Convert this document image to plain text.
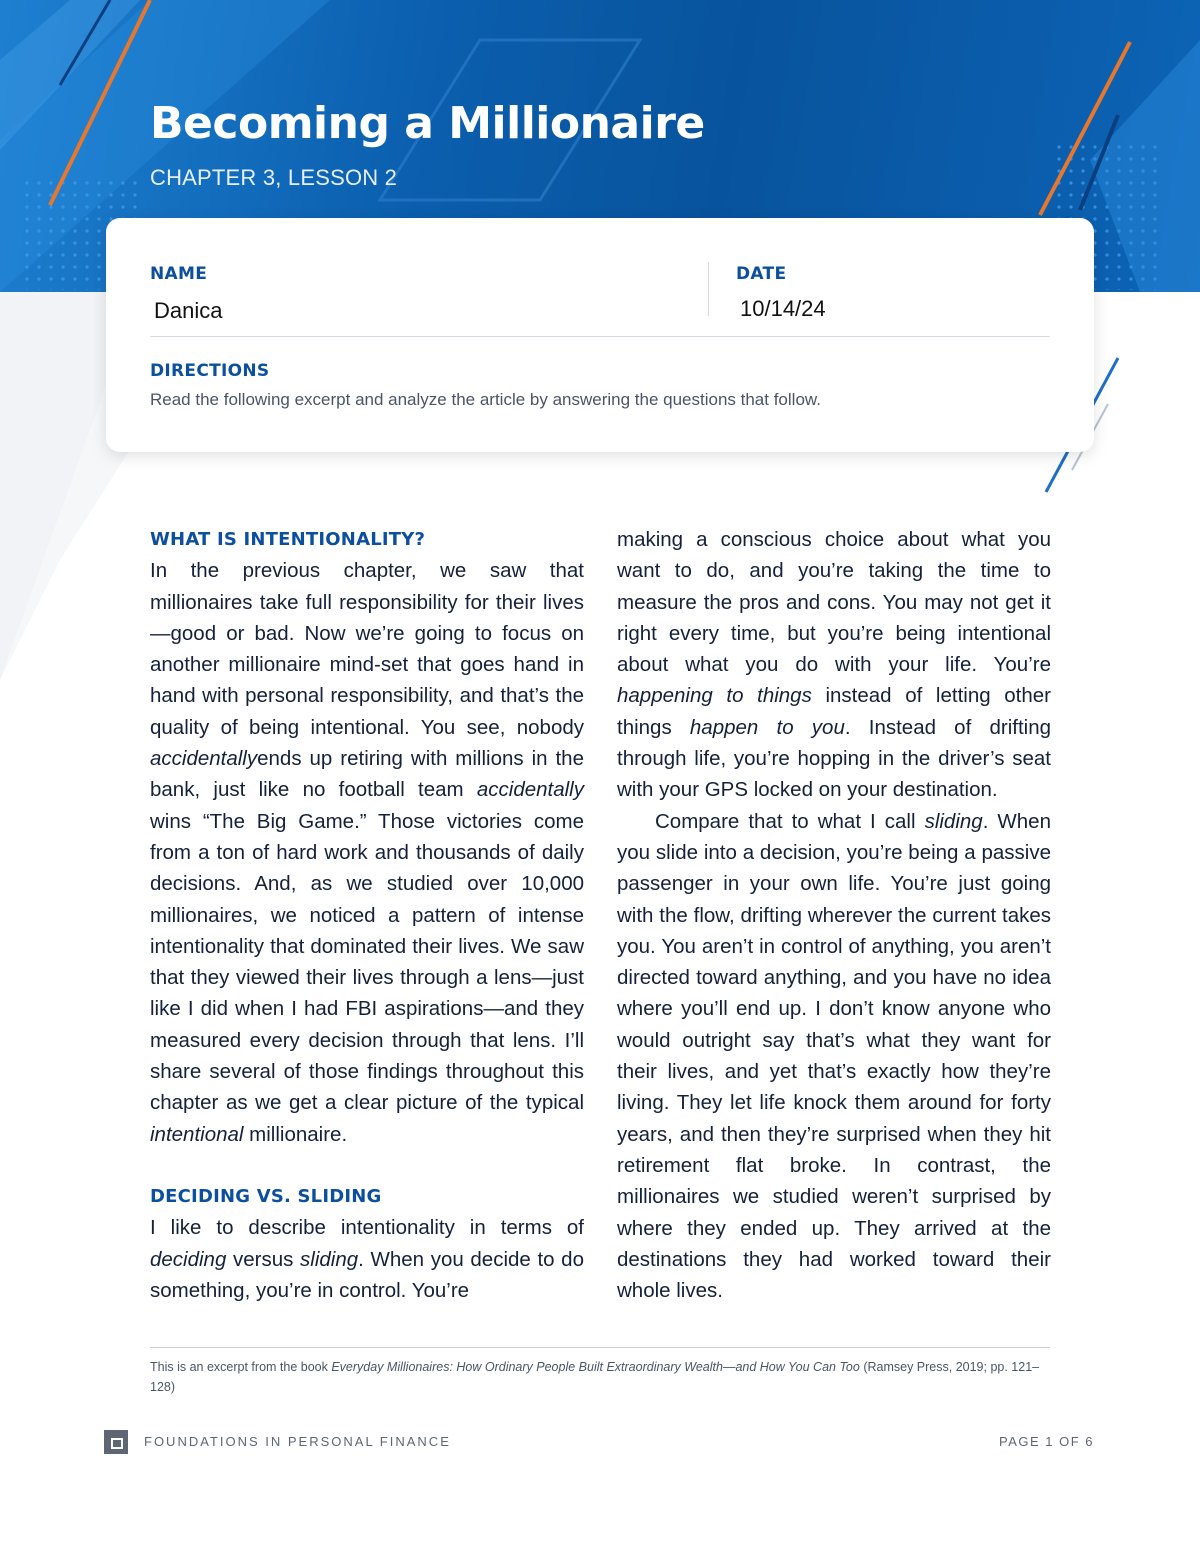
Becoming a Millionaire
CHAPTER 3, LESSON 2
NAME
Danica
DATE
10/14/24
DIRECTIONS
Read the following excerpt and analyze the article by answering the questions that follow.

WHAT IS INTENTIONALITY?

In the previous chapter, we saw that millionaires take full responsibility for their lives—good or bad. Now we’re going to focus on another millionaire mind-set that goes hand in hand with personal responsibility, and that’s the quality of being intentional. You see, nobody accidentallyends up retiring with millions in the bank, just like no football team accidentally wins “The Big Game.” Those victories come from a ton of hard work and thousands of daily decisions. And, as we studied over 10,000 millionaires, we noticed a pattern of intense intentionality that dominated their lives. We saw that they viewed their lives through a lens—just like I did when I had FBI aspirations—and they measured every decision through that lens. I’ll share several of those findings throughout this chapter as we get a clear picture of the typical intentional millionaire.

DECIDING VS. SLIDING

I like to describe intentionality in terms of deciding versus sliding. When you decide to do something, you’re in control. You’re

making a conscious choice about what you want to do, and you’re taking the time to measure the pros and cons. You may not get it right every time, but you’re being intentional about what you do with your life. You’re happening to things instead of letting other things happen to you. Instead of drifting through life, you’re hopping in the driver’s seat with your GPS locked on your destination.

Compare that to what I call sliding. When you slide into a decision, you’re being a passive passenger in your own life. You’re just going with the flow, drifting wherever the current takes you. You aren’t in control of anything, you aren’t directed toward anything, and you have no idea where you’ll end up. I don’t know anyone who would outright say that’s what they want for their lives, and yet that’s exactly how they’re living. They let life knock them around for forty years, and then they’re surprised when they hit retirement flat broke. In contrast, the millionaires we studied weren’t surprised by where they ended up. They arrived at the destinations they had worked toward their whole lives.

This is an excerpt from the book Everyday Millionaires: How Ordinary People Built Extraordinary Wealth—and How You Can Too (Ramsey Press, 2019; pp. 121–128)
FOUNDATIONS IN PERSONAL FINANCE	PAGE 1 OF 6
